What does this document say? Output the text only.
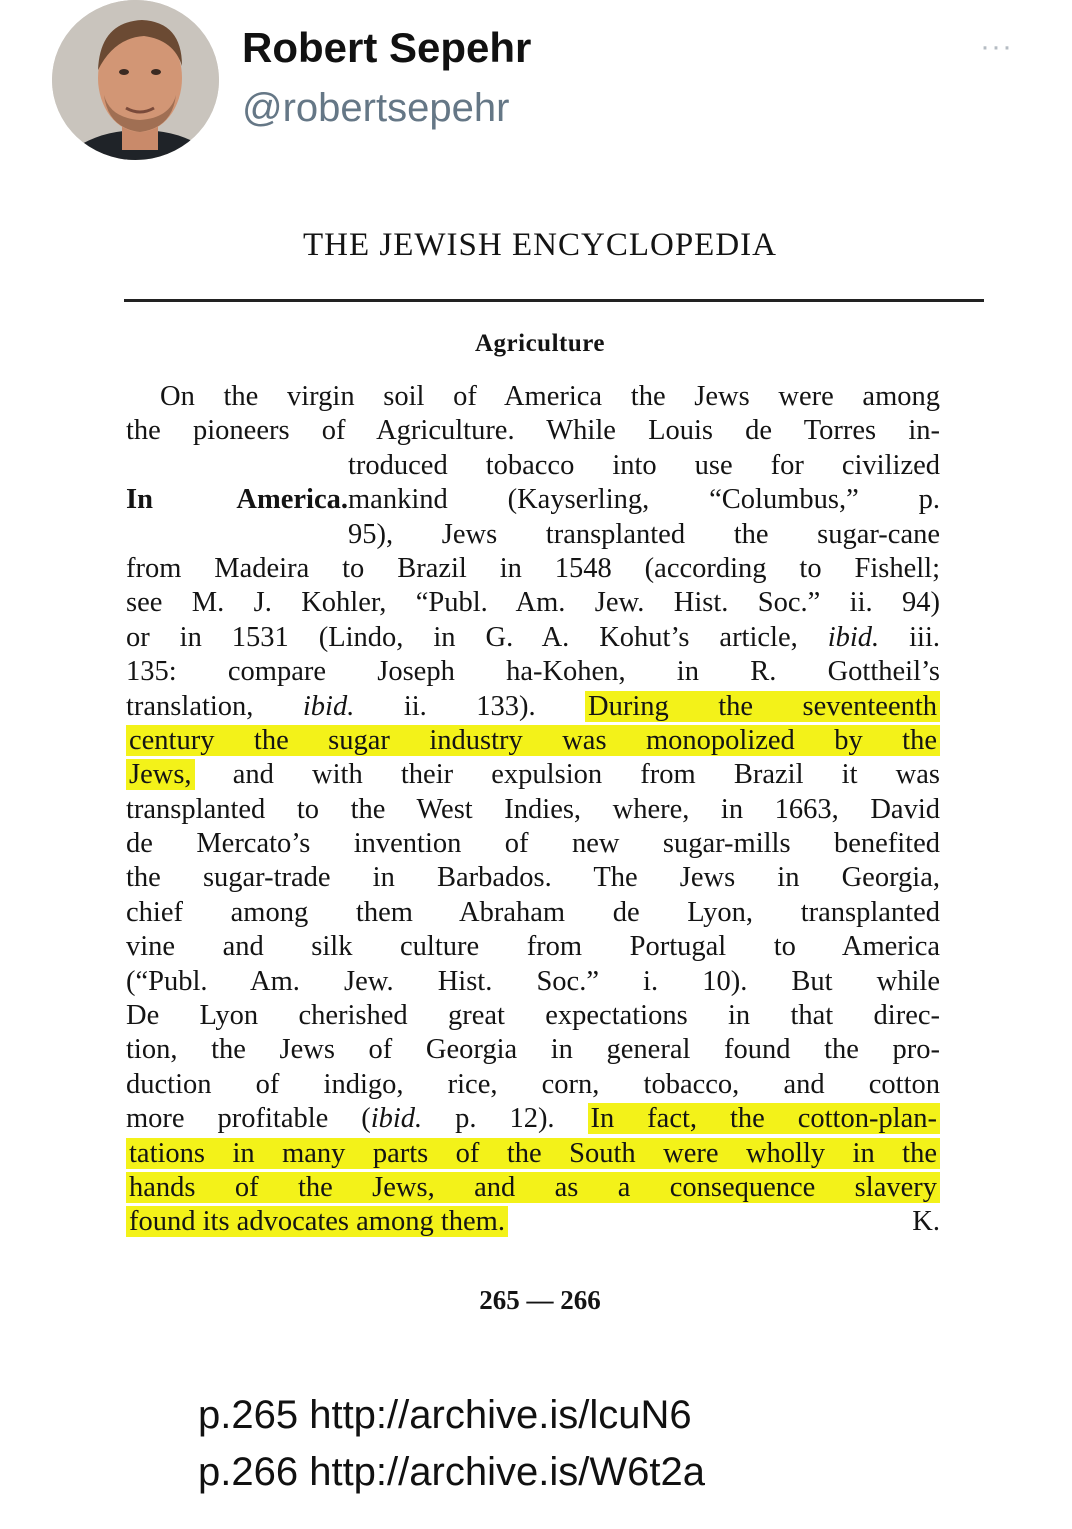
Robert Sepehr
@robertsepehr
···
THE JEWISH ENCYCLOPEDIA
Agriculture
On the virgin soil of America the Jews were among
the pioneers of Agriculture. While Louis de Torres in-
troduced tobacco into use for civilized
In America.mankind (Kayserling, “Columbus,” p.
95), Jews transplanted the sugar-cane
from Madeira to Brazil in 1548 (according to Fishell;
see M. J. Kohler, “Publ. Am. Jew. Hist. Soc.” ii. 94)
or in 1531 (Lindo, in G. A. Kohut’s article, ibid. iii.
135: compare Joseph ha-Kohen, in R. Gottheil’s
translation, ibid. ii. 133). During the seventeenth
century the sugar industry was monopolized by the
Jews, and with their expulsion from Brazil it was
transplanted to the West Indies, where, in 1663, David
de Mercato’s invention of new sugar-mills benefited
the sugar-trade in Barbados. The Jews in Georgia,
chief among them Abraham de Lyon, transplanted
vine and silk culture from Portugal to America
(“Publ. Am. Jew. Hist. Soc.” i. 10). But while
De Lyon cherished great expectations in that direc-
tion, the Jews of Georgia in general found the pro-
duction of indigo, rice, corn, tobacco, and cotton
more profitable (ibid. p. 12). In fact, the cotton-plan-
tations in many parts of the South were wholly in the
hands of the Jews, and as a consequence slavery
found its advocates among them.	K.
265 — 266
p.265 http://archive.is/lcuN6
p.266 http://archive.is/W6t2a
